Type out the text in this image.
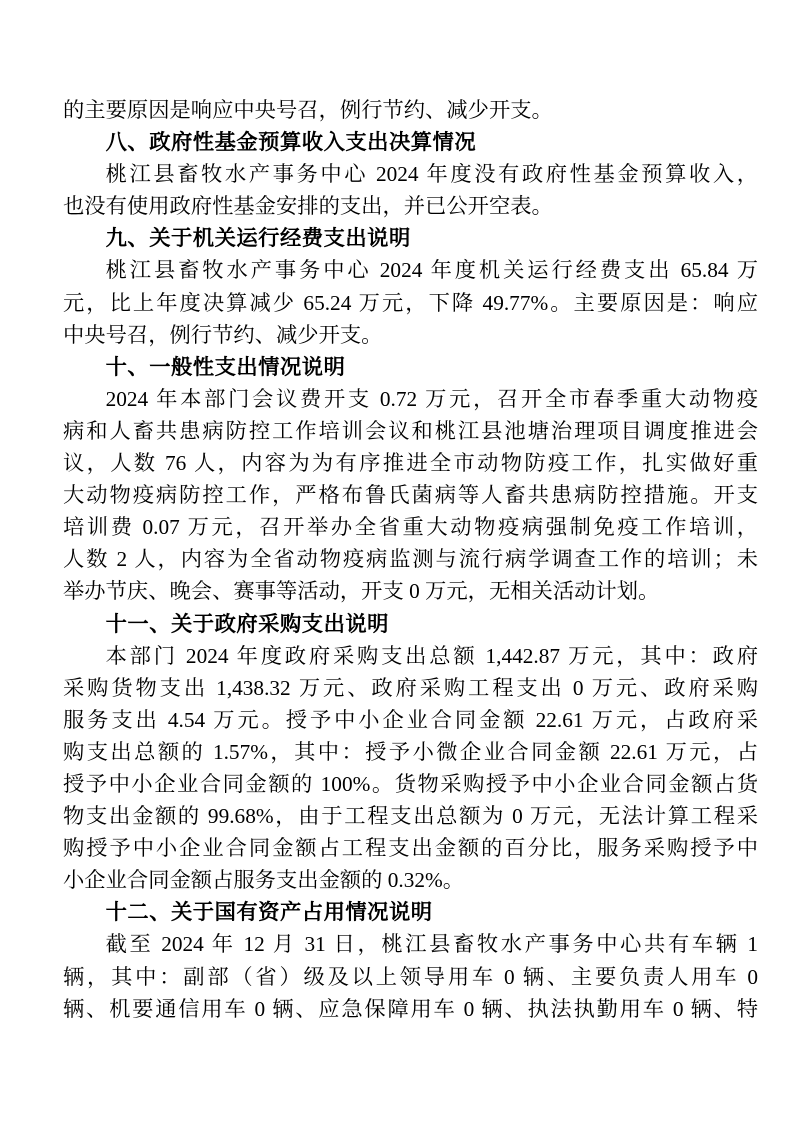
的主要原因是响应中央号召，例行节约、减少开支。
八、政府性基金预算收入支出决算情况
桃江县畜牧水产事务中心 2024 年度没有政府性基金预算收入，
也没有使用政府性基金安排的支出，并已公开空表。
九、关于机关运行经费支出说明
桃江县畜牧水产事务中心 2024 年度机关运行经费支出 65.84 万
元，比上年度决算减少 65.24 万元，下降 49.77%。主要原因是：响应
中央号召，例行节约、减少开支。
十、一般性支出情况说明
2024 年本部门会议费开支 0.72 万元，召开全市春季重大动物疫
病和人畜共患病防控工作培训会议和桃江县池塘治理项目调度推进会
议，人数 76 人，内容为为有序推进全市动物防疫工作，扎实做好重
大动物疫病防控工作，严格布鲁氏菌病等人畜共患病防控措施。开支
培训费 0.07 万元，召开举办全省重大动物疫病强制免疫工作培训，
人数 2 人，内容为全省动物疫病监测与流行病学调查工作的培训；未
举办节庆、晚会、赛事等活动，开支 0 万元，无相关活动计划。
十一、关于政府采购支出说明
本部门 2024 年度政府采购支出总额 1,442.87 万元，其中：政府
采购货物支出 1,438.32 万元、政府采购工程支出 0 万元、政府采购
服务支出 4.54 万元。授予中小企业合同金额 22.61 万元，占政府采
购支出总额的 1.57%，其中：授予小微企业合同金额 22.61 万元，占
授予中小企业合同金额的 100%。货物采购授予中小企业合同金额占货
物支出金额的 99.68%，由于工程支出总额为 0 万元，无法计算工程采
购授予中小企业合同金额占工程支出金额的百分比，服务采购授予中
小企业合同金额占服务支出金额的 0.32%。
十二、关于国有资产占用情况说明
截至 2024 年 12 月 31 日，桃江县畜牧水产事务中心共有车辆 1
辆，其中：副部（省）级及以上领导用车 0 辆、主要负责人用车 0
辆、机要通信用车 0 辆、应急保障用车 0 辆、执法执勤用车 0 辆、特
